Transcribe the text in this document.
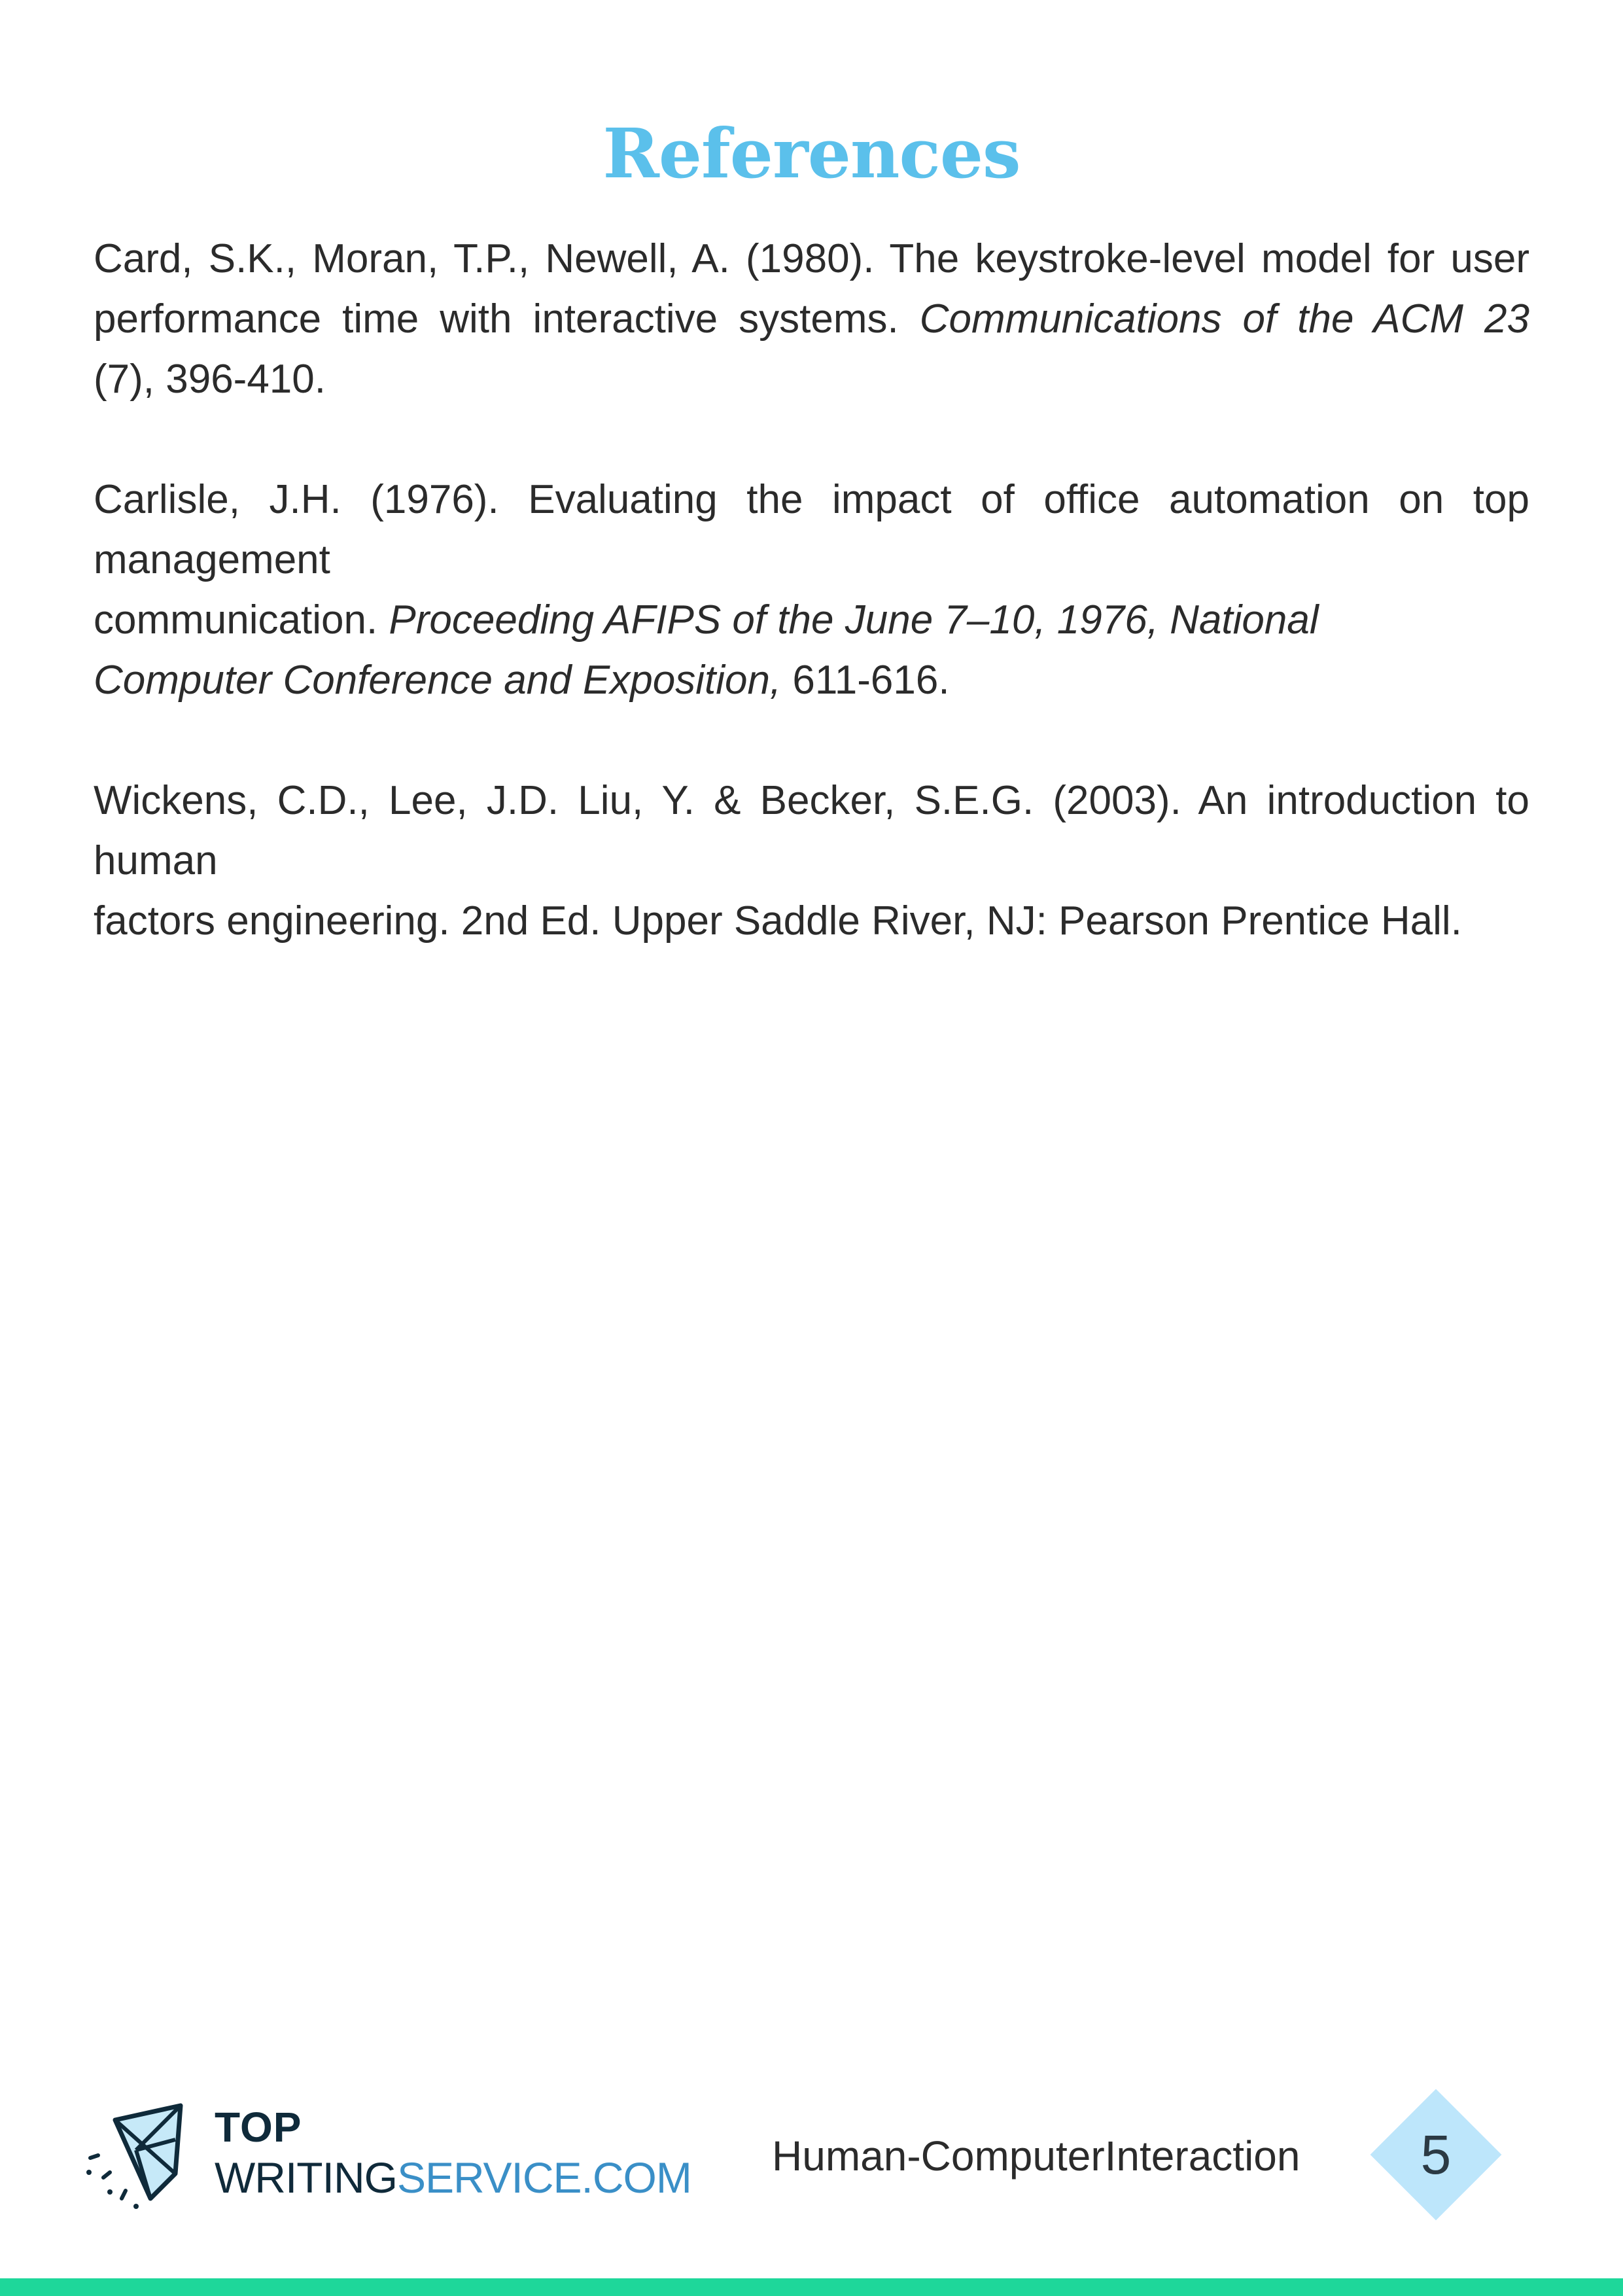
References
Card, S.K., Moran, T.P., Newell, A. (1980). The keystroke-level model for user
performance time with interactive systems. Communications of the ACM 23
(7), 396-410.
Carlisle, J.H. (1976). Evaluating the impact of office automation on top
management
communication. Proceeding AFIPS of the June 7–10, 1976, National
Computer Conference and Exposition, 611-616.
Wickens, C.D., Lee, J.D. Liu, Y. & Becker, S.E.G. (2003). An introduction to
human
factors engineering. 2nd Ed. Upper Saddle River, NJ: Pearson Prentice Hall.
TOP
WRITINGSERVICE.COM Human-ComputerInteraction	5
